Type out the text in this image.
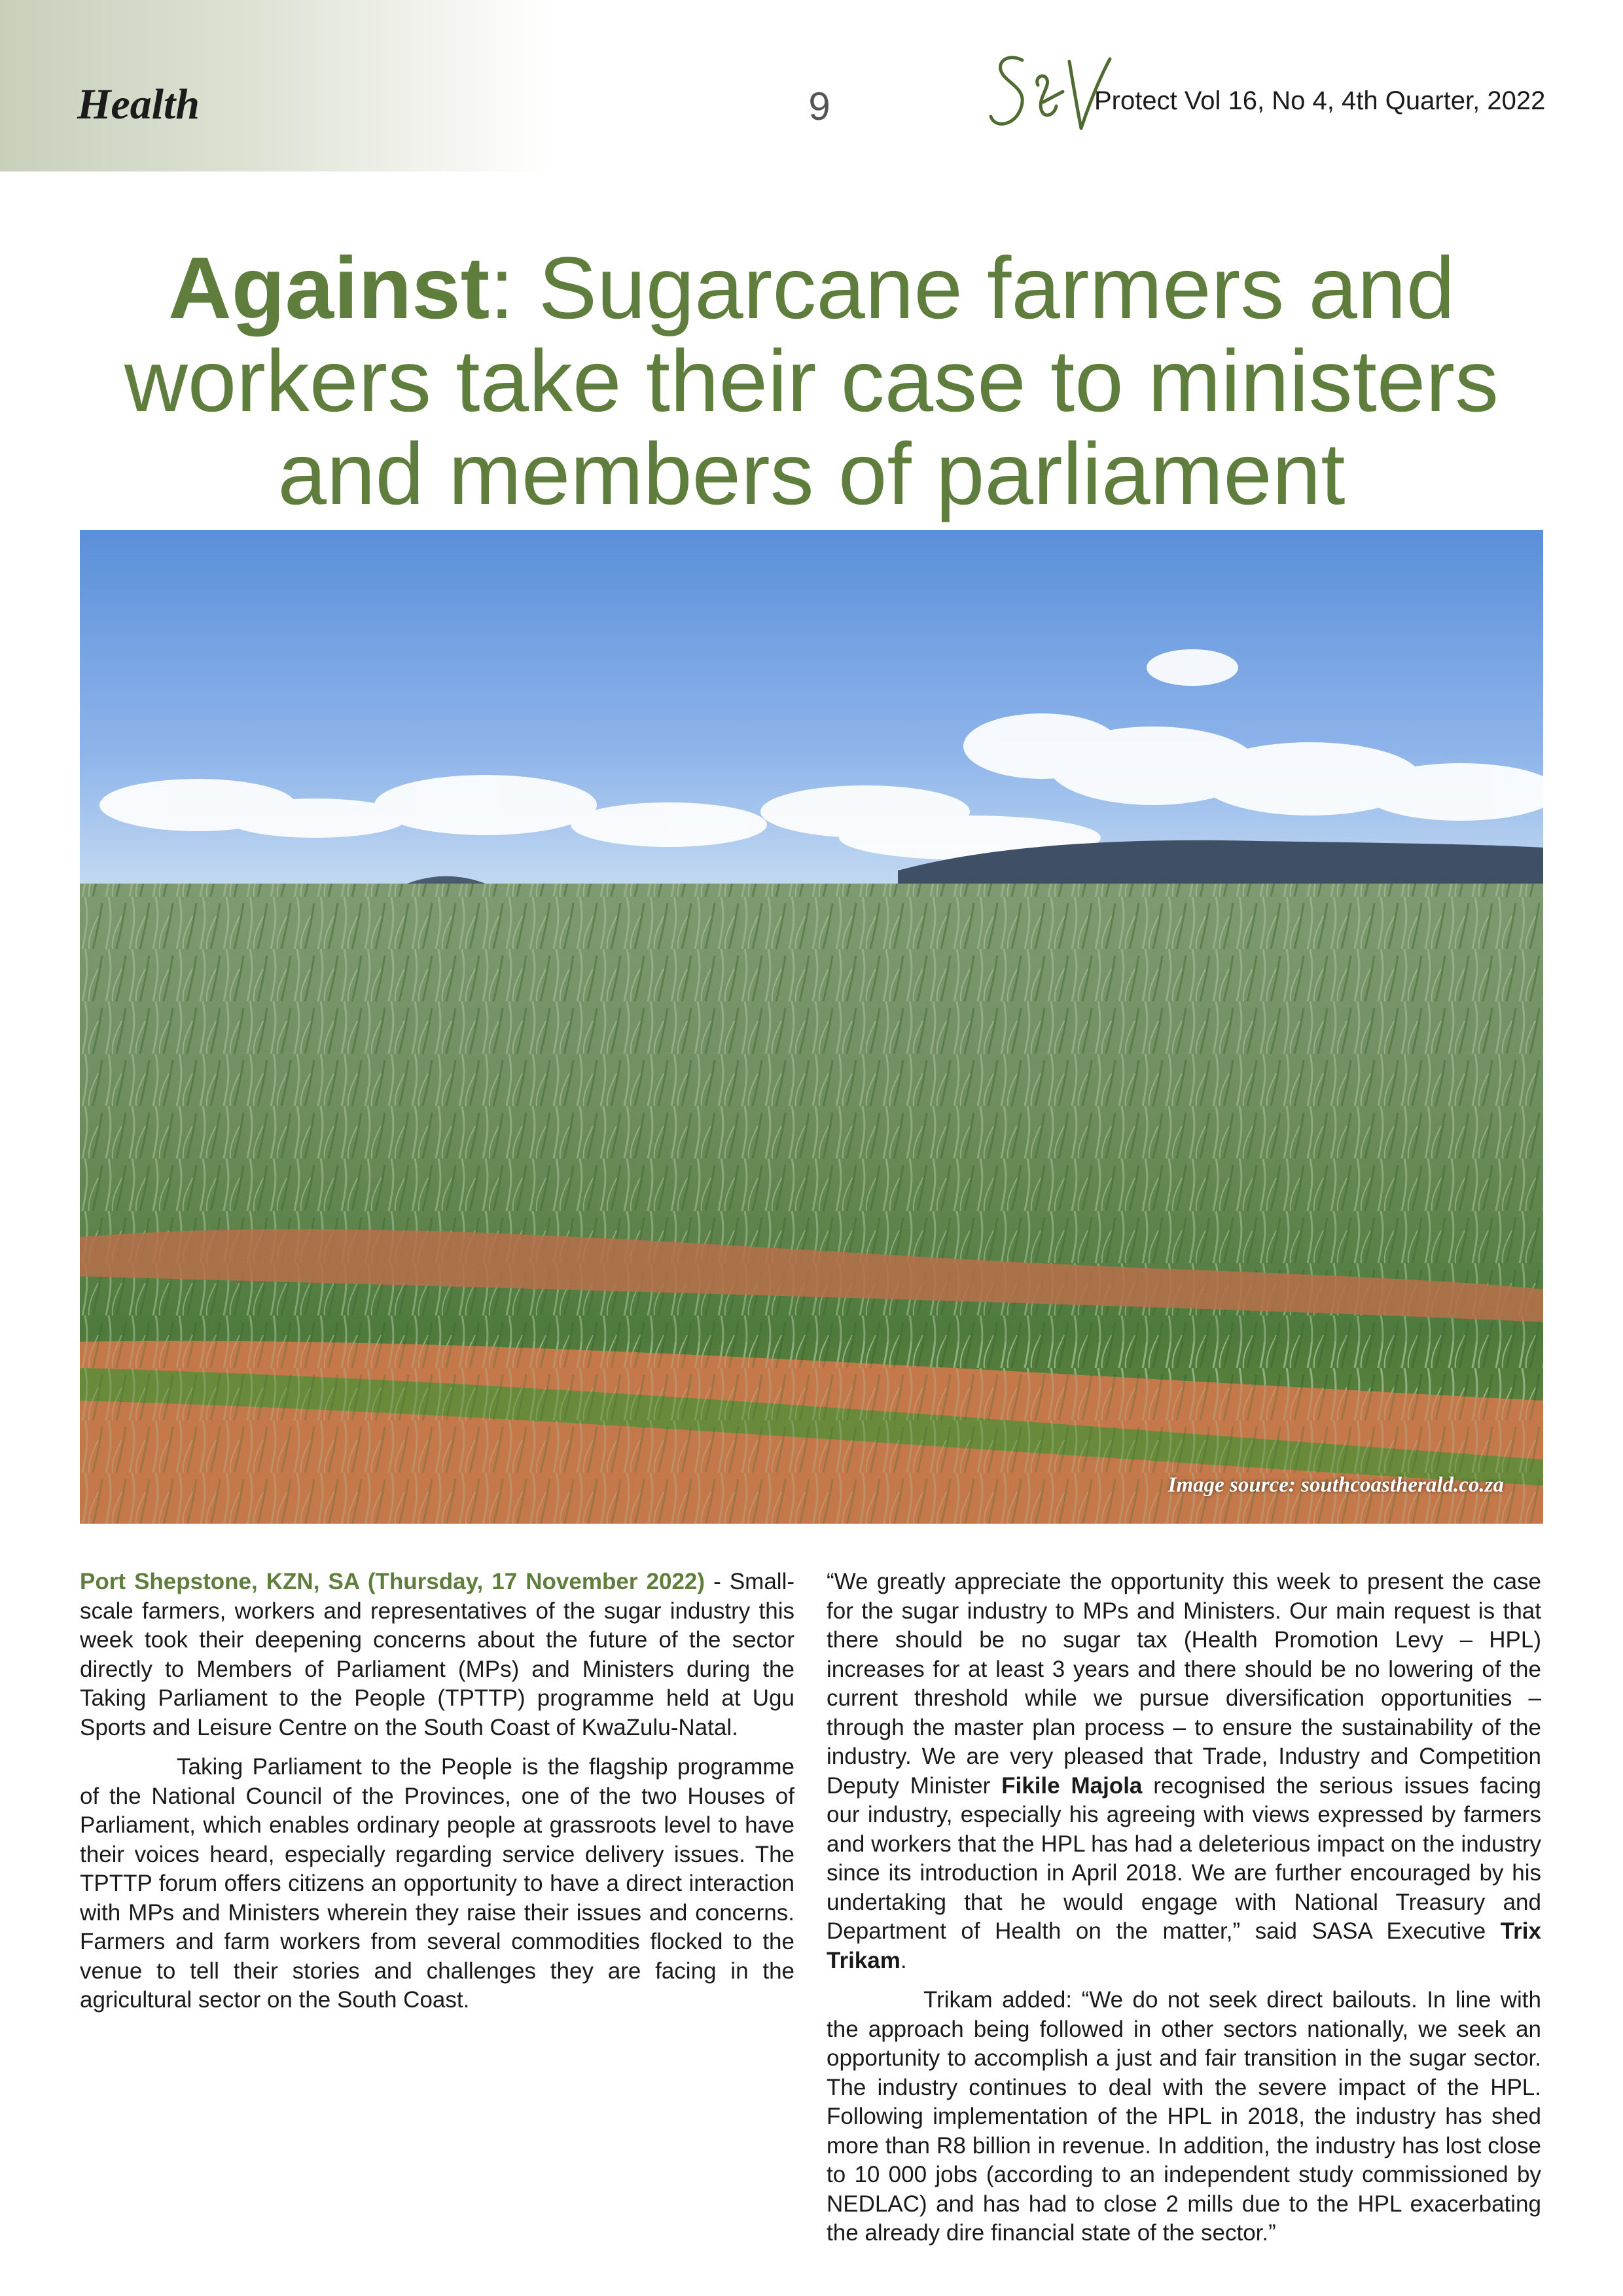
Health	9	Protect Vol 16, No 4, 4th Quarter, 2022
Against: Sugarcane farmers and workers take their case to ministers and members of parliament
Image source: southcoastherald.co.za

Port Shepstone, KZN, SA (Thursday, 17 November 2022) - Small-scale farmers, workers and representatives of the sugar industry this week took their deepening concerns about the future of the sector directly to Members of Parliament (MPs) and Ministers during the Taking Parliament to the People (TPTTP) programme held at Ugu Sports and Leisure Centre on the South Coast of KwaZulu-Natal.

Taking Parliament to the People is the flagship programme of the National Council of the Provinces, one of the two Houses of Parliament, which enables ordinary people at grassroots level to have their voices heard, especially regarding service delivery issues. The TPTTP forum offers citizens an opportunity to have a direct interaction with MPs and Ministers wherein they raise their issues and concerns. Farmers and farm workers from several commodities flocked to the venue to tell their stories and challenges they are facing in the agricultural sector on the South Coast.

“We greatly appreciate the opportunity this week to present the case for the sugar industry to MPs and Ministers. Our main request is that there should be no sugar tax (Health Promotion Levy – HPL) increases for at least 3 years and there should be no lowering of the current threshold while we pursue diversification opportunities – through the master plan process – to ensure the sustainability of the industry. We are very pleased that Trade, Industry and Competition Deputy Minister Fikile Majola recognised the serious issues facing our industry, especially his agreeing with views expressed by farmers and workers that the HPL has had a deleterious impact on the industry since its introduction in April 2018. We are further encouraged by his undertaking that he would engage with National Treasury and Department of Health on the matter,” said SASA Executive Trix Trikam.

Trikam added: “We do not seek direct bailouts. In line with the approach being followed in other sectors nationally, we seek an opportunity to accomplish a just and fair transition in the sugar sector. The industry continues to deal with the severe impact of the HPL. Following implementation of the HPL in 2018, the industry has shed more than R8 billion in revenue. In addition, the industry has lost close to 10 000 jobs (according to an independent study commissioned by NEDLAC) and has had to close 2 mills due to the HPL exacerbating the already dire financial state of the sector.”
